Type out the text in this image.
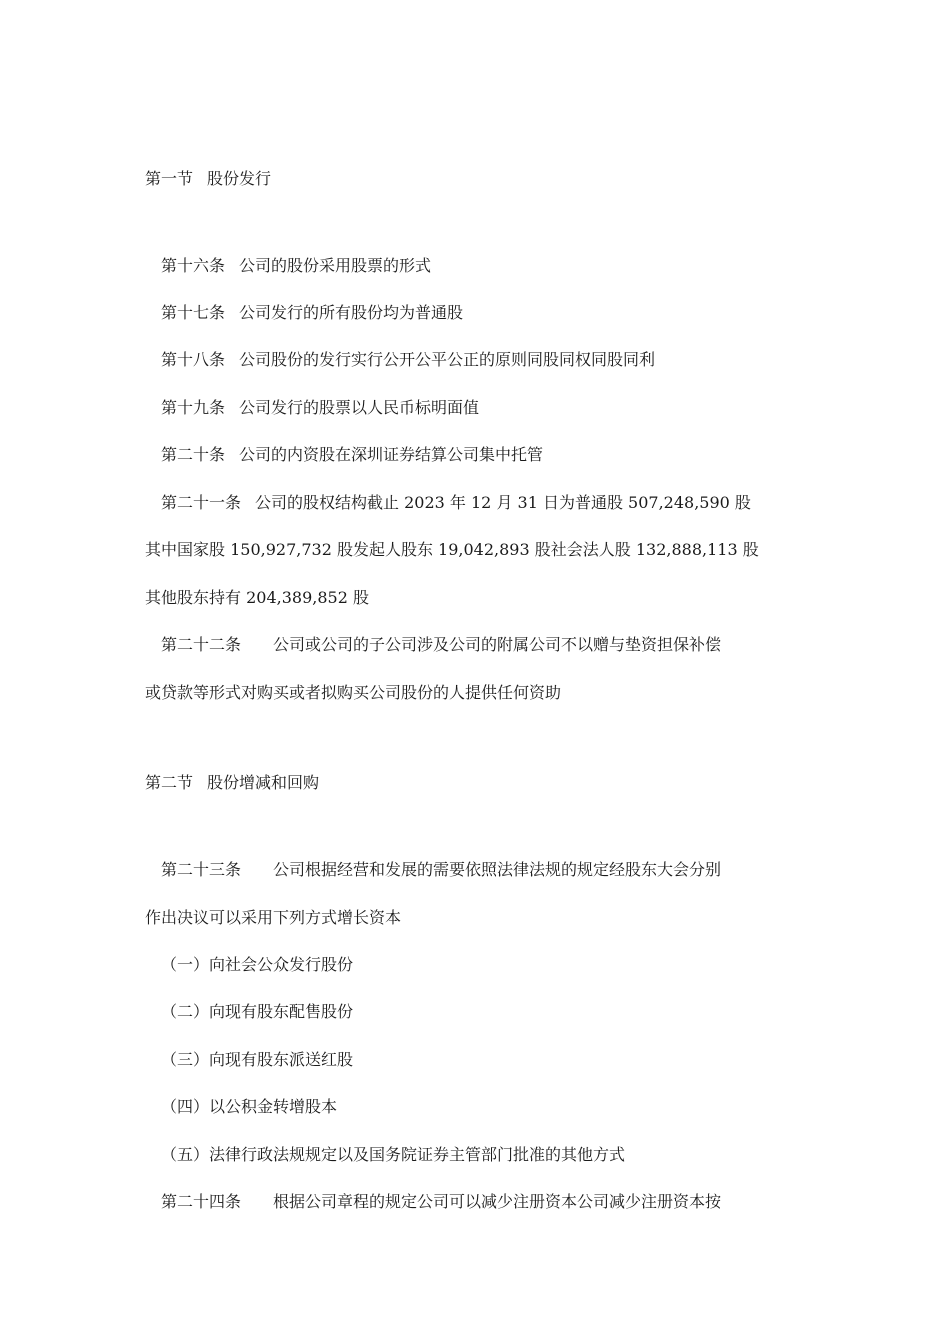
第一节 股份发行
第十六条 公司的股份采用股票的形式
第十七条 公司发行的所有股份均为普通股
第十八条 公司股份的发行实行公开公平公正的原则同股同权同股同利
第十九条 公司发行的股票以人民币标明面值
第二十条 公司的内资股在深圳证券结算公司集中托管
第二十一条 公司的股权结构截止 2023 年 12 月 31 日为普通股 507,248,590 股
其中国家股 150,927,732 股发起人股东 19,042,893 股社会法人股 132,888,113 股
其他股东持有 204,389,852 股
第二十二条 公司或公司的子公司涉及公司的附属公司不以赠与垫资担保补偿
或贷款等形式对购买或者拟购买公司股份的人提供任何资助
第二节 股份增减和回购
第二十三条 公司根据经营和发展的需要依照法律法规的规定经股东大会分别
作出决议可以采用下列方式增长资本
（一）向社会公众发行股份
（二）向现有股东配售股份
（三）向现有股东派送红股
（四）以公积金转增股本
（五）法律行政法规规定以及国务院证券主管部门批准的其他方式
第二十四条 根据公司章程的规定公司可以减少注册资本公司减少注册资本按
